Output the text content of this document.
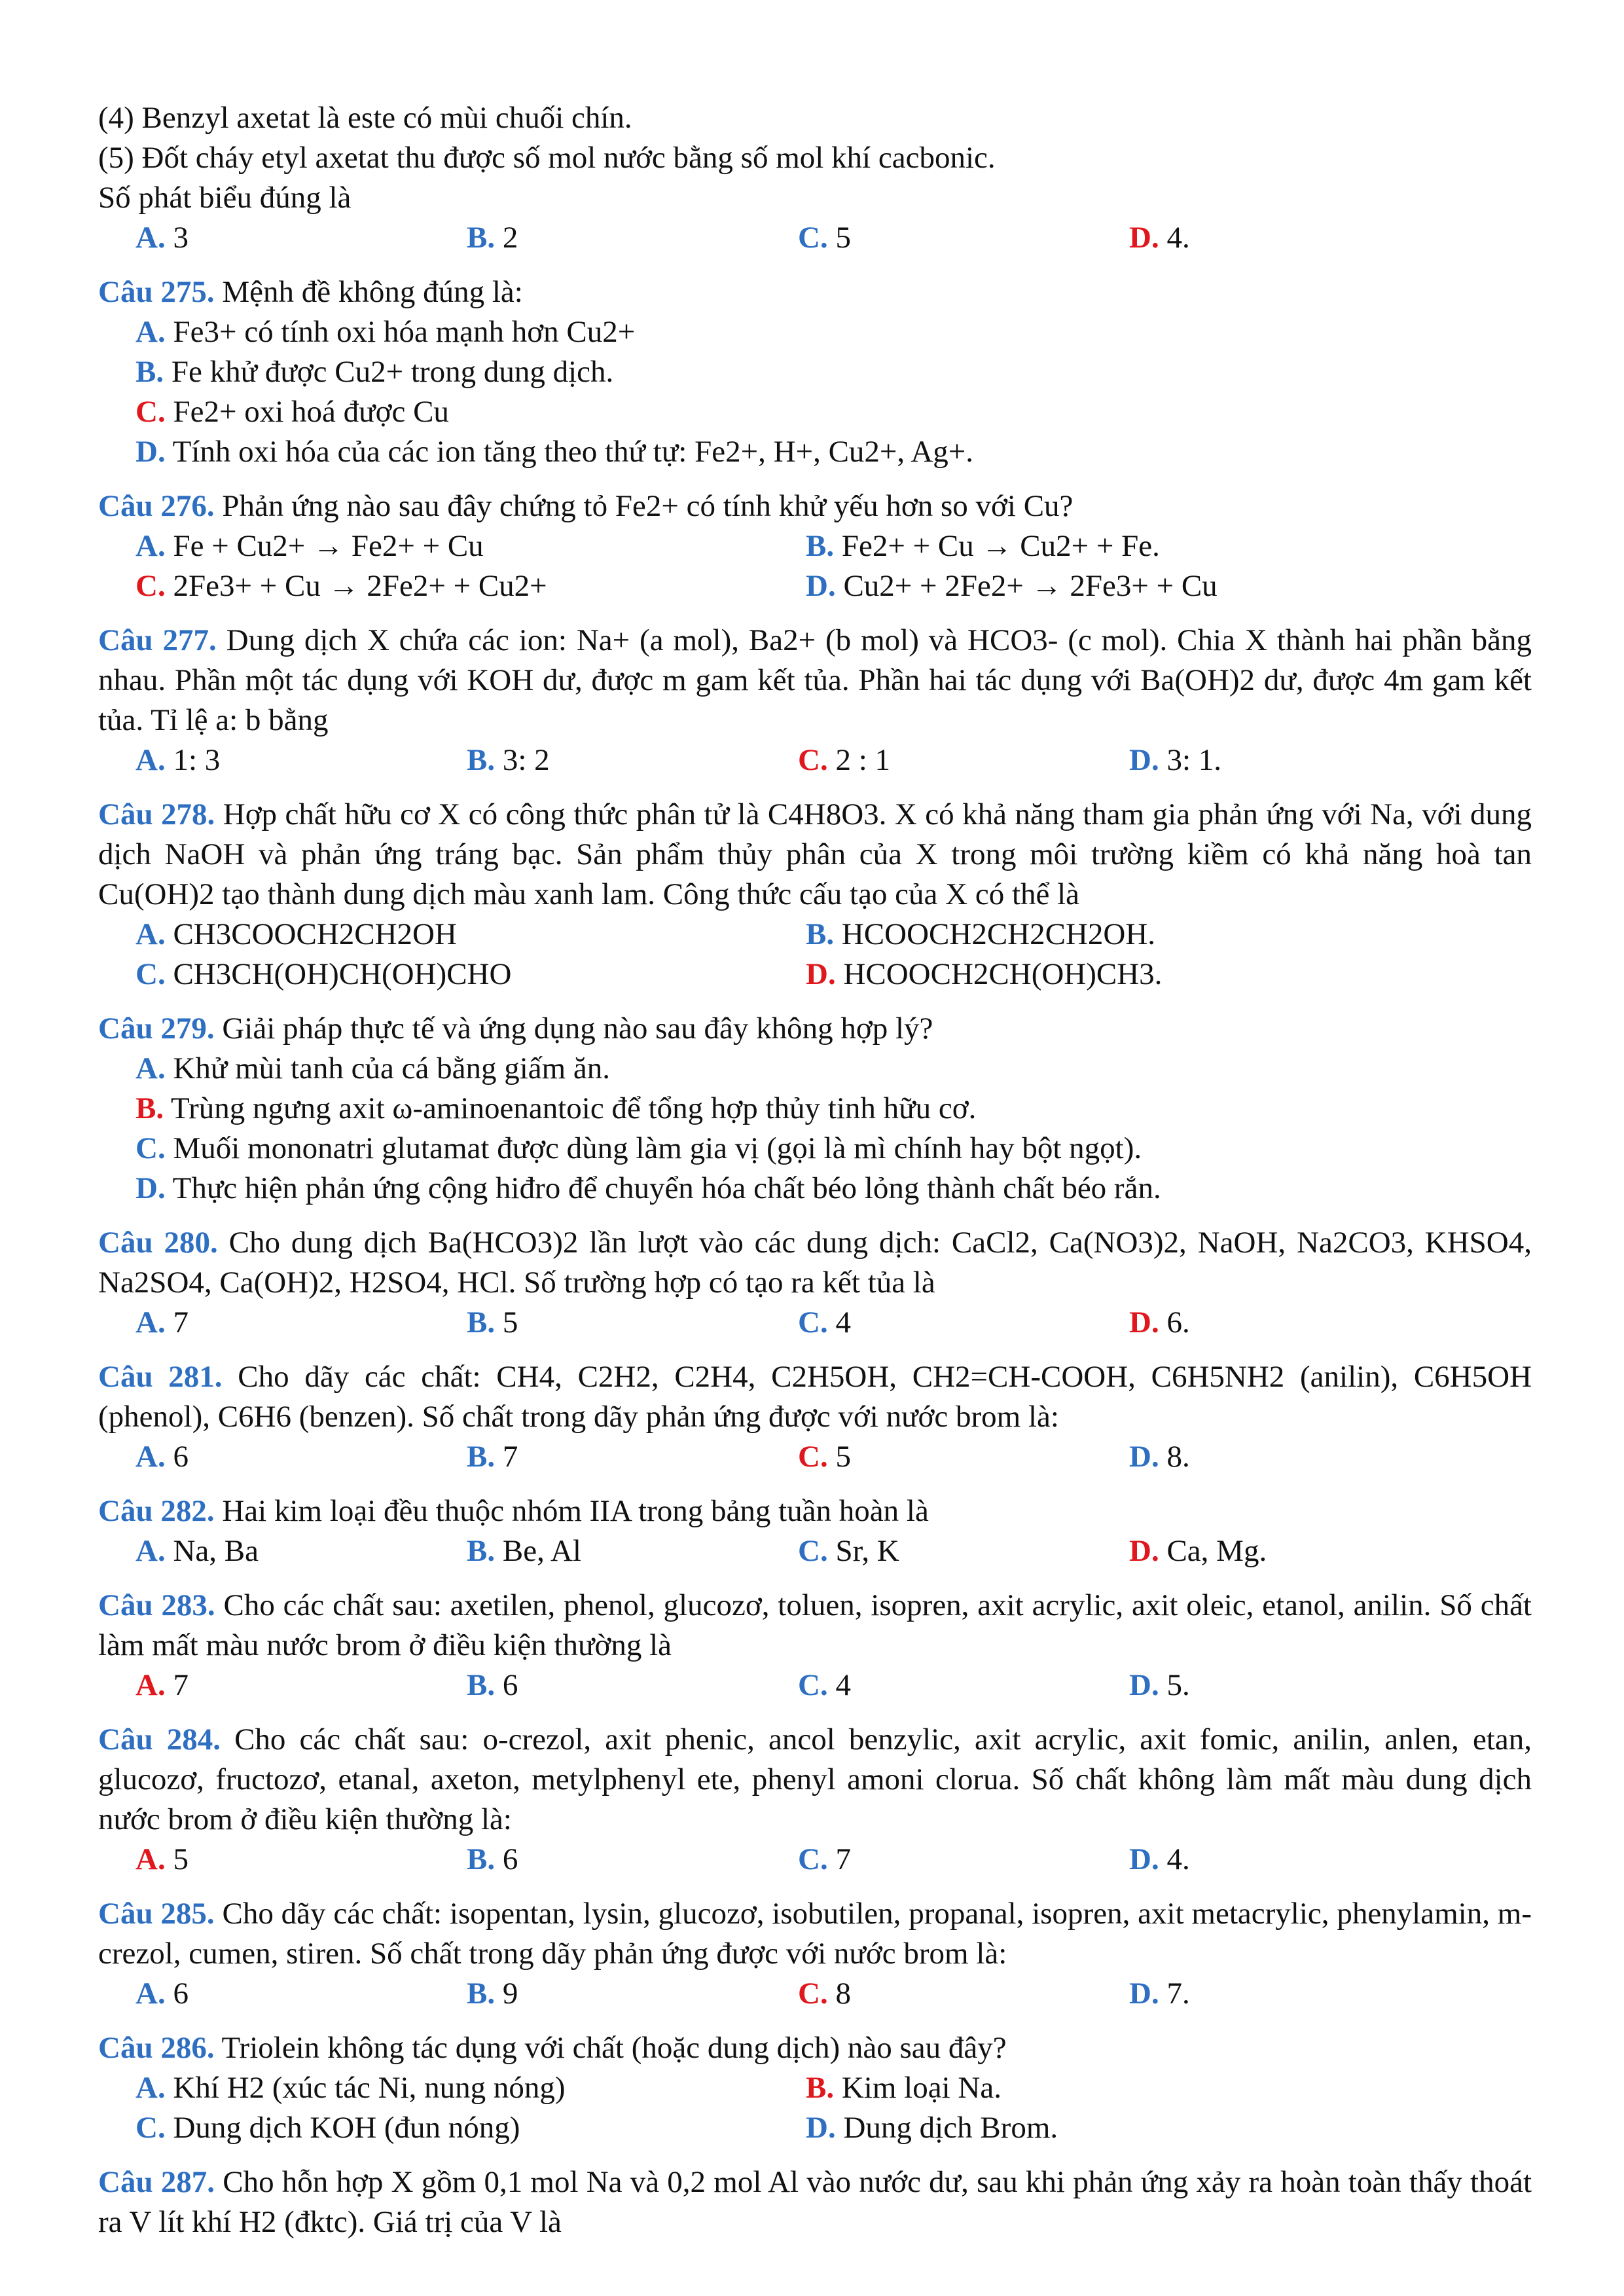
(4) Benzyl axetat là este có mùi chuối chín.
(5) Đốt cháy etyl axetat thu được số mol nước bằng số mol khí cacbonic.
Số phát biểu đúng là
A. 3	B. 2	C. 5	D. 4.
Câu 275. Mệnh đề không đúng là:
A. Fe3+ có tính oxi hóa mạnh hơn Cu2+
B. Fe khử được Cu2+ trong dung dịch.
C. Fe2+ oxi hoá được Cu
D. Tính oxi hóa của các ion tăng theo thứ tự: Fe2+, H+, Cu2+, Ag+.
Câu 276. Phản ứng nào sau đây chứng tỏ Fe2+ có tính khử yếu hơn so với Cu?
A. Fe + Cu2+ → Fe2+ + Cu	B. Fe2+ + Cu → Cu2+ + Fe.
C. 2Fe3+ + Cu → 2Fe2+ + Cu2+	D. Cu2+ + 2Fe2+ → 2Fe3+ + Cu
Câu 277. Dung dịch X chứa các ion: Na+ (a mol), Ba2+ (b mol) và HCO3- (c mol). Chia X thành hai phần bằng nhau. Phần một tác dụng với KOH dư, được m gam kết tủa. Phần hai tác dụng với Ba(OH)2 dư, được 4m gam kết tủa. Tỉ lệ a: b bằng
A. 1: 3	B. 3: 2	C. 2 : 1	D. 3: 1.
Câu 278. Hợp chất hữu cơ X có công thức phân tử là C4H8O3. X có khả năng tham gia phản ứng với Na, với dung dịch NaOH và phản ứng tráng bạc. Sản phẩm thủy phân của X trong môi trường kiềm có khả năng hoà tan Cu(OH)2 tạo thành dung dịch màu xanh lam. Công thức cấu tạo của X có thể là
A. CH3COOCH2CH2OH	B. HCOOCH2CH2CH2OH.
C. CH3CH(OH)CH(OH)CHO	D. HCOOCH2CH(OH)CH3.
Câu 279. Giải pháp thực tế và ứng dụng nào sau đây không hợp lý?
A. Khử mùi tanh của cá bằng giấm ăn.
B. Trùng ngưng axit ω-aminoenantoic để tổng hợp thủy tinh hữu cơ.
C. Muối mononatri glutamat được dùng làm gia vị (gọi là mì chính hay bột ngọt).
D. Thực hiện phản ứng cộng hiđro để chuyển hóa chất béo lỏng thành chất béo rắn.
Câu 280. Cho dung dịch Ba(HCO3)2 lần lượt vào các dung dịch: CaCl2, Ca(NO3)2, NaOH, Na2CO3, KHSO4, Na2SO4, Ca(OH)2, H2SO4, HCl. Số trường hợp có tạo ra kết tủa là
A. 7	B. 5	C. 4	D. 6.
Câu 281. Cho dãy các chất: CH4, C2H2, C2H4, C2H5OH, CH2=CH-COOH, C6H5NH2 (anilin), C6H5OH (phenol), C6H6 (benzen). Số chất trong dãy phản ứng được với nước brom là:
A. 6	B. 7	C. 5	D. 8.
Câu 282. Hai kim loại đều thuộc nhóm IIA trong bảng tuần hoàn là
A. Na, Ba	B. Be, Al	C. Sr, K	D. Ca, Mg.
Câu 283. Cho các chất sau: axetilen, phenol, glucozơ, toluen, isopren, axit acrylic, axit oleic, etanol, anilin. Số chất làm mất màu nước brom ở điều kiện thường là
A. 7	B. 6	C. 4	D. 5.
Câu 284. Cho các chất sau: o-crezol, axit phenic, ancol benzylic, axit acrylic, axit fomic, anilin, anlen, etan, glucozơ, fructozơ, etanal, axeton, metylphenyl ete, phenyl amoni clorua. Số chất không làm mất màu dung dịch nước brom ở điều kiện thường là:
A. 5	B. 6	C. 7	D. 4.
Câu 285. Cho dãy các chất: isopentan, lysin, glucozơ, isobutilen, propanal, isopren, axit metacrylic, phenylamin, m- crezol, cumen, stiren. Số chất trong dãy phản ứng được với nước brom là:
A. 6	B. 9	C. 8	D. 7.
Câu 286. Triolein không tác dụng với chất (hoặc dung dịch) nào sau đây?
A. Khí H2 (xúc tác Ni, nung nóng)	B. Kim loại Na.
C. Dung dịch KOH (đun nóng)	D. Dung dịch Brom.
Câu 287. Cho hỗn hợp X gồm 0,1 mol Na và 0,2 mol Al vào nước dư, sau khi phản ứng xảy ra hoàn toàn thấy thoát ra V lít khí H2 (đktc). Giá trị của V là
